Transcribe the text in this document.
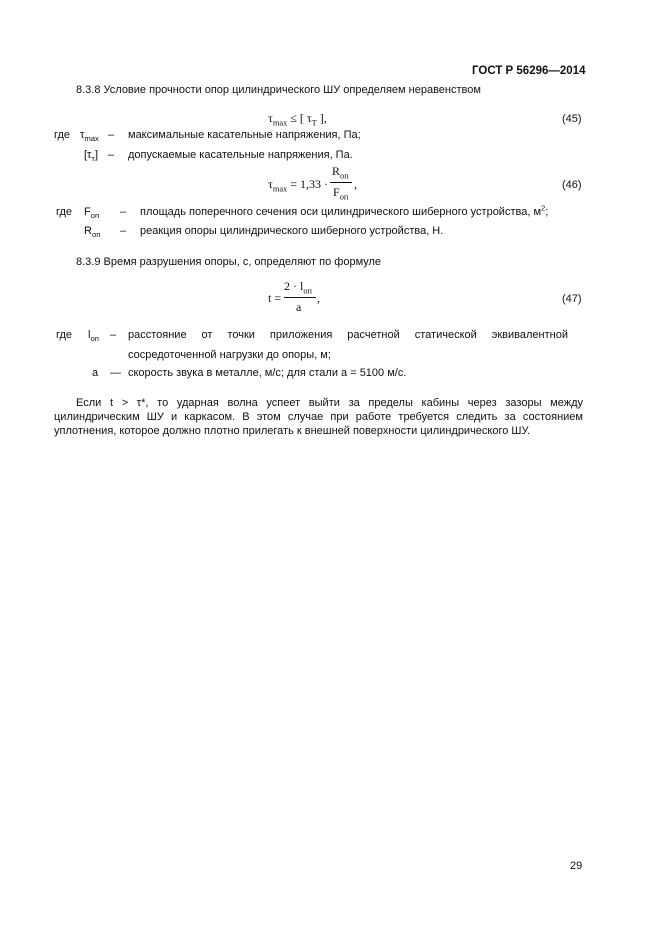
ГОСТ Р 56296—2014
8.3.8 Условие прочности опор цилиндрического ШУ определяем неравенством
$\tau_{max}$ ≤ [ $\tau_T$ ],	(45)
где $\tau_{max}$ – максимальные касательные напряжения, Па;
$[\tau_т]$ – допускаемые касательные напряжения, Па.
$\tau_{max} = 1,33$ ·
$R_{оп}$
$F_{оп}$
,	(46)
где $F_{оп}$ – площадь поперечного сечения оси цилиндрического шиберного устройства, $м^2$;
$R_{оп}$ – реакция опоры цилиндрического шиберного устройства, Н.
8.3.9 Время разрушения опоры, с, определяют по формуле
t =
$2 \cdot l_{оп}$
a
,	(47)
где $l_{оп}$ – расстояние от точки приложения расчетной статической эквивалентной
сосредоточенной нагрузки до опоры, м;
a — скорость звука в металле, м/с; для стали a = 5100 м/с.
Если t > τ*, то ударная волна успеет выйти за пределы кабины через зазоры между
цилиндрическим ШУ и каркасом. В этом случае при работе требуется следить за состоянием
уплотнения, которое должно плотно прилегать к внешней поверхности цилиндрического ШУ.
29
